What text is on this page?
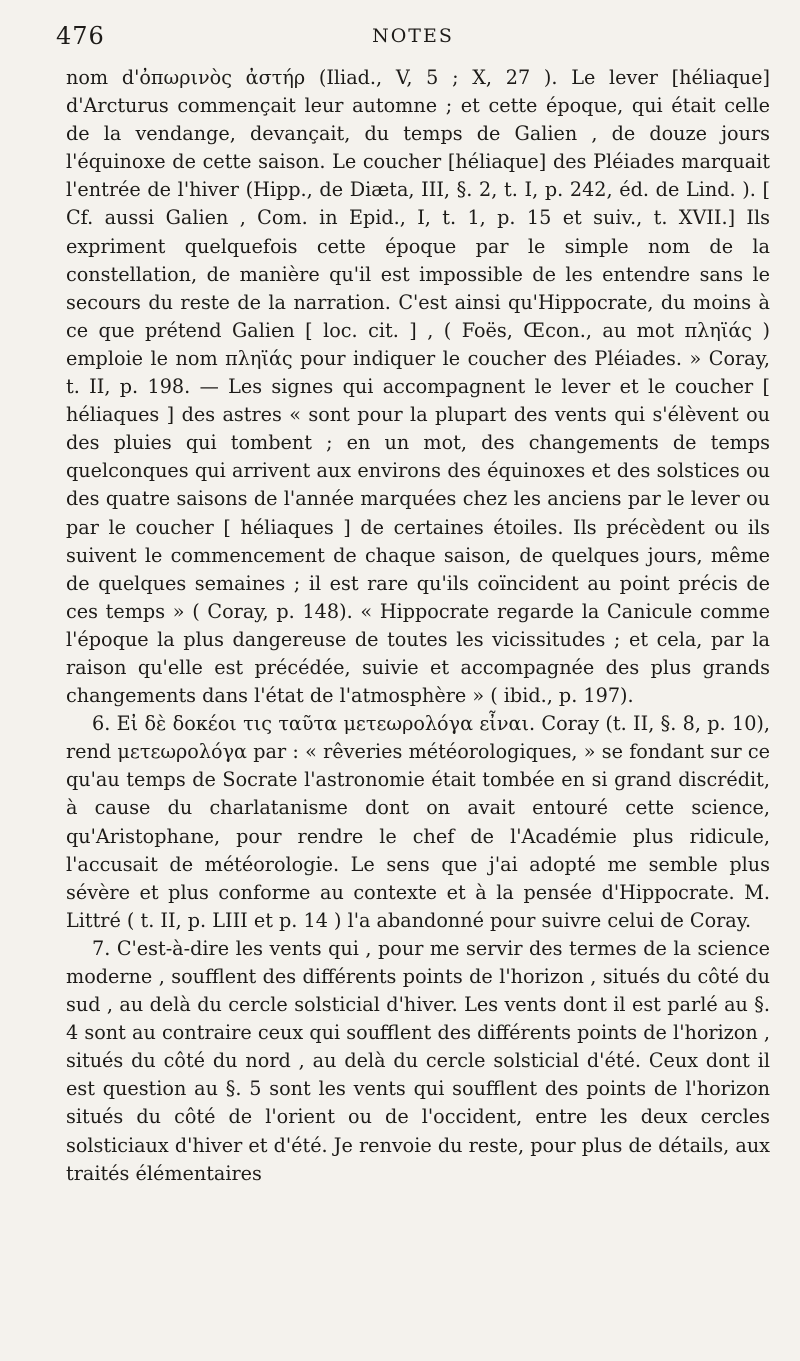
476	NOTES

nom d'ὀπωρινὸς ἀστήρ (Iliad., V, 5 ; X, 27 ). Le lever [héliaque] d'Arcturus commençait leur automne ; et cette époque, qui était celle de la vendange, devançait, du temps de Galien , de douze jours l'équinoxe de cette saison. Le coucher [héliaque] des Pléiades marquait l'entrée de l'hiver (Hipp., de Diæta, III, §. 2, t. I, p. 242, éd. de Lind. ). [ Cf. aussi Galien , Com. in Epid., I, t. 1, p. 15 et suiv., t. XVII.] Ils expriment quelquefois cette époque par le simple nom de la constellation, de manière qu'il est impossible de les entendre sans le secours du reste de la narration. C'est ainsi qu'Hippocrate, du moins à ce que prétend Galien [ loc. cit. ] , ( Foës, Œcon., au mot πληϊάς ) emploie le nom πληϊάς pour indiquer le coucher des Pléiades. » Coray, t. II, p. 198. — Les signes qui accompagnent le lever et le coucher [ héliaques ] des astres « sont pour la plupart des vents qui s'élèvent ou des pluies qui tombent ; en un mot, des changements de temps quelconques qui arrivent aux environs des équinoxes et des solstices ou des quatre saisons de l'année marquées chez les anciens par le lever ou par le coucher [ héliaques ] de certaines étoiles. Ils précèdent ou ils suivent le commencement de chaque saison, de quelques jours, même de quelques semaines ; il est rare qu'ils coïncident au point précis de ces temps » ( Coray, p. 148). « Hippocrate regarde la Canicule comme l'époque la plus dangereuse de toutes les vicissitudes ; et cela, par la raison qu'elle est précédée, suivie et accompagnée des plus grands changements dans l'état de l'atmosphère » ( ibid., p. 197).

6. Εἰ δὲ δοκέοι τις ταῦτα μετεωρολόγα εἶναι. Coray (t. II, §. 8, p. 10), rend μετεωρολόγα par : « rêveries météorologiques, » se fondant sur ce qu'au temps de Socrate l'astronomie était tombée en si grand discrédit, à cause du charlatanisme dont on avait entouré cette science, qu'Aristophane, pour rendre le chef de l'Académie plus ridicule, l'accusait de météorologie. Le sens que j'ai adopté me semble plus sévère et plus conforme au contexte et à la pensée d'Hippocrate. M. Littré ( t. II, p. LIII et p. 14 ) l'a abandonné pour suivre celui de Coray.

7. C'est-à-dire les vents qui , pour me servir des termes de la science moderne , soufflent des différents points de l'horizon , situés du côté du sud , au delà du cercle solsticial d'hiver. Les vents dont il est parlé au §. 4 sont au contraire ceux qui soufflent des différents points de l'horizon , situés du côté du nord , au delà du cercle solsticial d'été. Ceux dont il est question au §. 5 sont les vents qui soufflent des points de l'horizon situés du côté de l'orient ou de l'occident, entre les deux cercles solsticiaux d'hiver et d'été. Je renvoie du reste, pour plus de détails, aux traités élémentaires
